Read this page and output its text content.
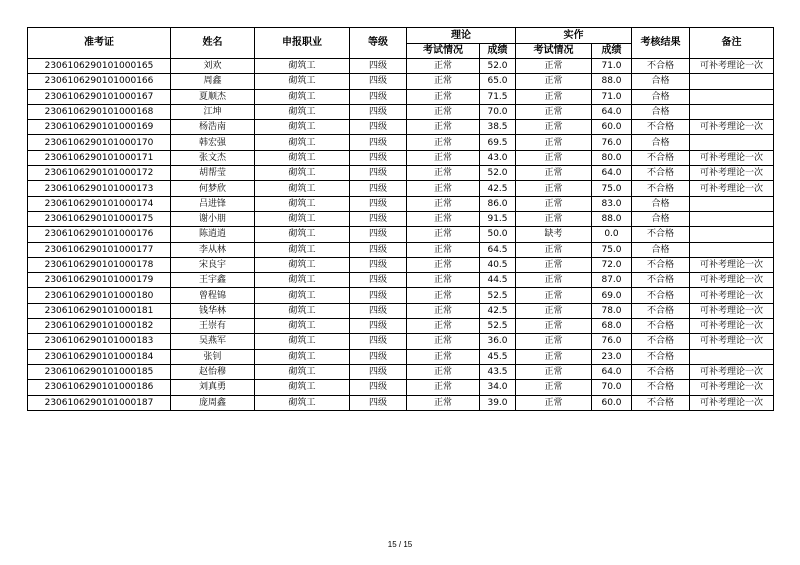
准考证	姓名	申报职业	等级	理论		实作		考核结果	备注
				考试情况	成绩	考试情况	成绩		
2306106290101000165	刘欢	砌筑工	四级	正常	52.0	正常	71.0	不合格	可补考理论一次
2306106290101000166	周鑫	砌筑工	四级	正常	65.0	正常	88.0	合格	
2306106290101000167	夏顺杰	砌筑工	四级	正常	71.5	正常	71.0	合格	
2306106290101000168	江坤	砌筑工	四级	正常	70.0	正常	64.0	合格	
2306106290101000169	杨浩南	砌筑工	四级	正常	38.5	正常	60.0	不合格	可补考理论一次
2306106290101000170	韩宏强	砌筑工	四级	正常	69.5	正常	76.0	合格	
2306106290101000171	张文杰	砌筑工	四级	正常	43.0	正常	80.0	不合格	可补考理论一次
2306106290101000172	胡帮莹	砌筑工	四级	正常	52.0	正常	64.0	不合格	可补考理论一次
2306106290101000173	何梦欣	砌筑工	四级	正常	42.5	正常	75.0	不合格	可补考理论一次
2306106290101000174	吕进锋	砌筑工	四级	正常	86.0	正常	83.0	合格	
2306106290101000175	谢小朋	砌筑工	四级	正常	91.5	正常	88.0	合格	
2306106290101000176	陈逍逍	砌筑工	四级	正常	50.0	缺考	0.0	不合格	
2306106290101000177	李从林	砌筑工	四级	正常	64.5	正常	75.0	合格	
2306106290101000178	宋良宇	砌筑工	四级	正常	40.5	正常	72.0	不合格	可补考理论一次
2306106290101000179	王宇鑫	砌筑工	四级	正常	44.5	正常	87.0	不合格	可补考理论一次
2306106290101000180	曾程锦	砌筑工	四级	正常	52.5	正常	69.0	不合格	可补考理论一次
2306106290101000181	钱华林	砌筑工	四级	正常	42.5	正常	78.0	不合格	可补考理论一次
2306106290101000182	王崇有	砌筑工	四级	正常	52.5	正常	68.0	不合格	可补考理论一次
2306106290101000183	吴燕军	砌筑工	四级	正常	36.0	正常	76.0	不合格	可补考理论一次
2306106290101000184	张钊	砌筑工	四级	正常	45.5	正常	23.0	不合格	
2306106290101000185	赵怡穆	砌筑工	四级	正常	43.5	正常	64.0	不合格	可补考理论一次
2306106290101000186	刘真勇	砌筑工	四级	正常	34.0	正常	70.0	不合格	可补考理论一次
2306106290101000187	庞周鑫	砌筑工	四级	正常	39.0	正常	60.0	不合格	可补考理论一次
15 / 15
